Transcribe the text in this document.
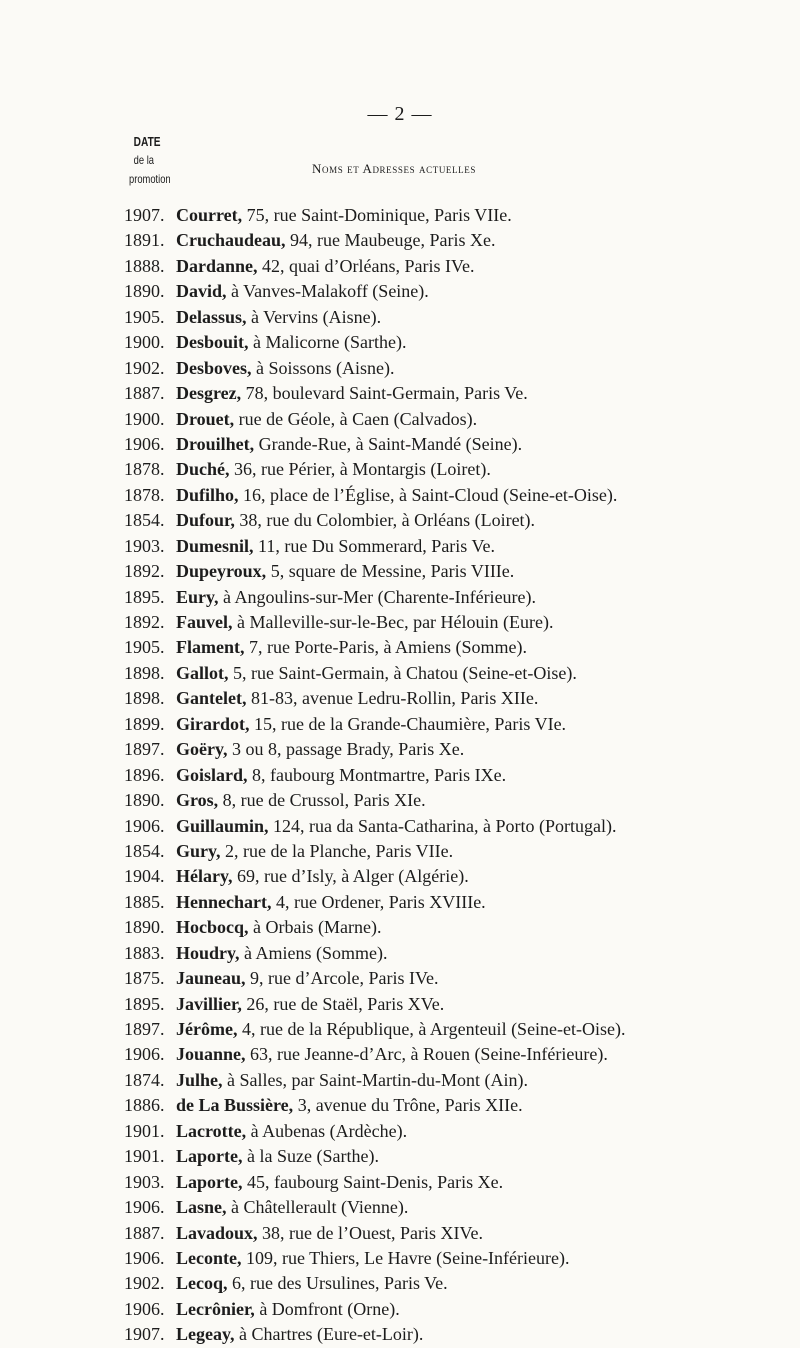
— 2 —
DATE
de la
promotion
Noms et Adresses actuelles
1907. Courret, 75, rue Saint-Dominique, Paris VIIe.
1891. Cruchaudeau, 94, rue Maubeuge, Paris Xe.
1888. Dardanne, 42, quai d’Orléans, Paris IVe.
1890. David, à Vanves-Malakoff (Seine).
1905. Delassus, à Vervins (Aisne).
1900. Desbouit, à Malicorne (Sarthe).
1902. Desboves, à Soissons (Aisne).
1887. Desgrez, 78, boulevard Saint-Germain, Paris Ve.
1900. Drouet, rue de Géole, à Caen (Calvados).
1906. Drouilhet, Grande-Rue, à Saint-Mandé (Seine).
1878. Duché, 36, rue Périer, à Montargis (Loiret).
1878. Dufilho, 16, place de l’Église, à Saint-Cloud (Seine-et-Oise).
1854. Dufour, 38, rue du Colombier, à Orléans (Loiret).
1903. Dumesnil, 11, rue Du Sommerard, Paris Ve.
1892. Dupeyroux, 5, square de Messine, Paris VIIIe.
1895. Eury, à Angoulins-sur-Mer (Charente-Inférieure).
1892. Fauvel, à Malleville-sur-le-Bec, par Hélouin (Eure).
1905. Flament, 7, rue Porte-Paris, à Amiens (Somme).
1898. Gallot, 5, rue Saint-Germain, à Chatou (Seine-et-Oise).
1898. Gantelet, 81-83, avenue Ledru-Rollin, Paris XIIe.
1899. Girardot, 15, rue de la Grande-Chaumière, Paris VIe.
1897. Goëry, 3 ou 8, passage Brady, Paris Xe.
1896. Goislard, 8, faubourg Montmartre, Paris IXe.
1890. Gros, 8, rue de Crussol, Paris XIe.
1906. Guillaumin, 124, rua da Santa-Catharina, à Porto (Portugal).
1854. Gury, 2, rue de la Planche, Paris VIIe.
1904. Hélary, 69, rue d’Isly, à Alger (Algérie).
1885. Hennechart, 4, rue Ordener, Paris XVIIIe.
1890. Hocbocq, à Orbais (Marne).
1883. Houdry, à Amiens (Somme).
1875. Jauneau, 9, rue d’Arcole, Paris IVe.
1895. Javillier, 26, rue de Staël, Paris XVe.
1897. Jérôme, 4, rue de la République, à Argenteuil (Seine-et-Oise).
1906. Jouanne, 63, rue Jeanne-d’Arc, à Rouen (Seine-Inférieure).
1874. Julhe, à Salles, par Saint-Martin-du-Mont (Ain).
1886. de La Bussière, 3, avenue du Trône, Paris XIIe.
1901. Lacrotte, à Aubenas (Ardèche).
1901. Laporte, à la Suze (Sarthe).
1903. Laporte, 45, faubourg Saint-Denis, Paris Xe.
1906. Lasne, à Châtellerault (Vienne).
1887. Lavadoux, 38, rue de l’Ouest, Paris XIVe.
1906. Leconte, 109, rue Thiers, Le Havre (Seine-Inférieure).
1902. Lecoq, 6, rue des Ursulines, Paris Ve.
1906. Lecrônier, à Domfront (Orne).
1907. Legeay, à Chartres (Eure-et-Loir).
